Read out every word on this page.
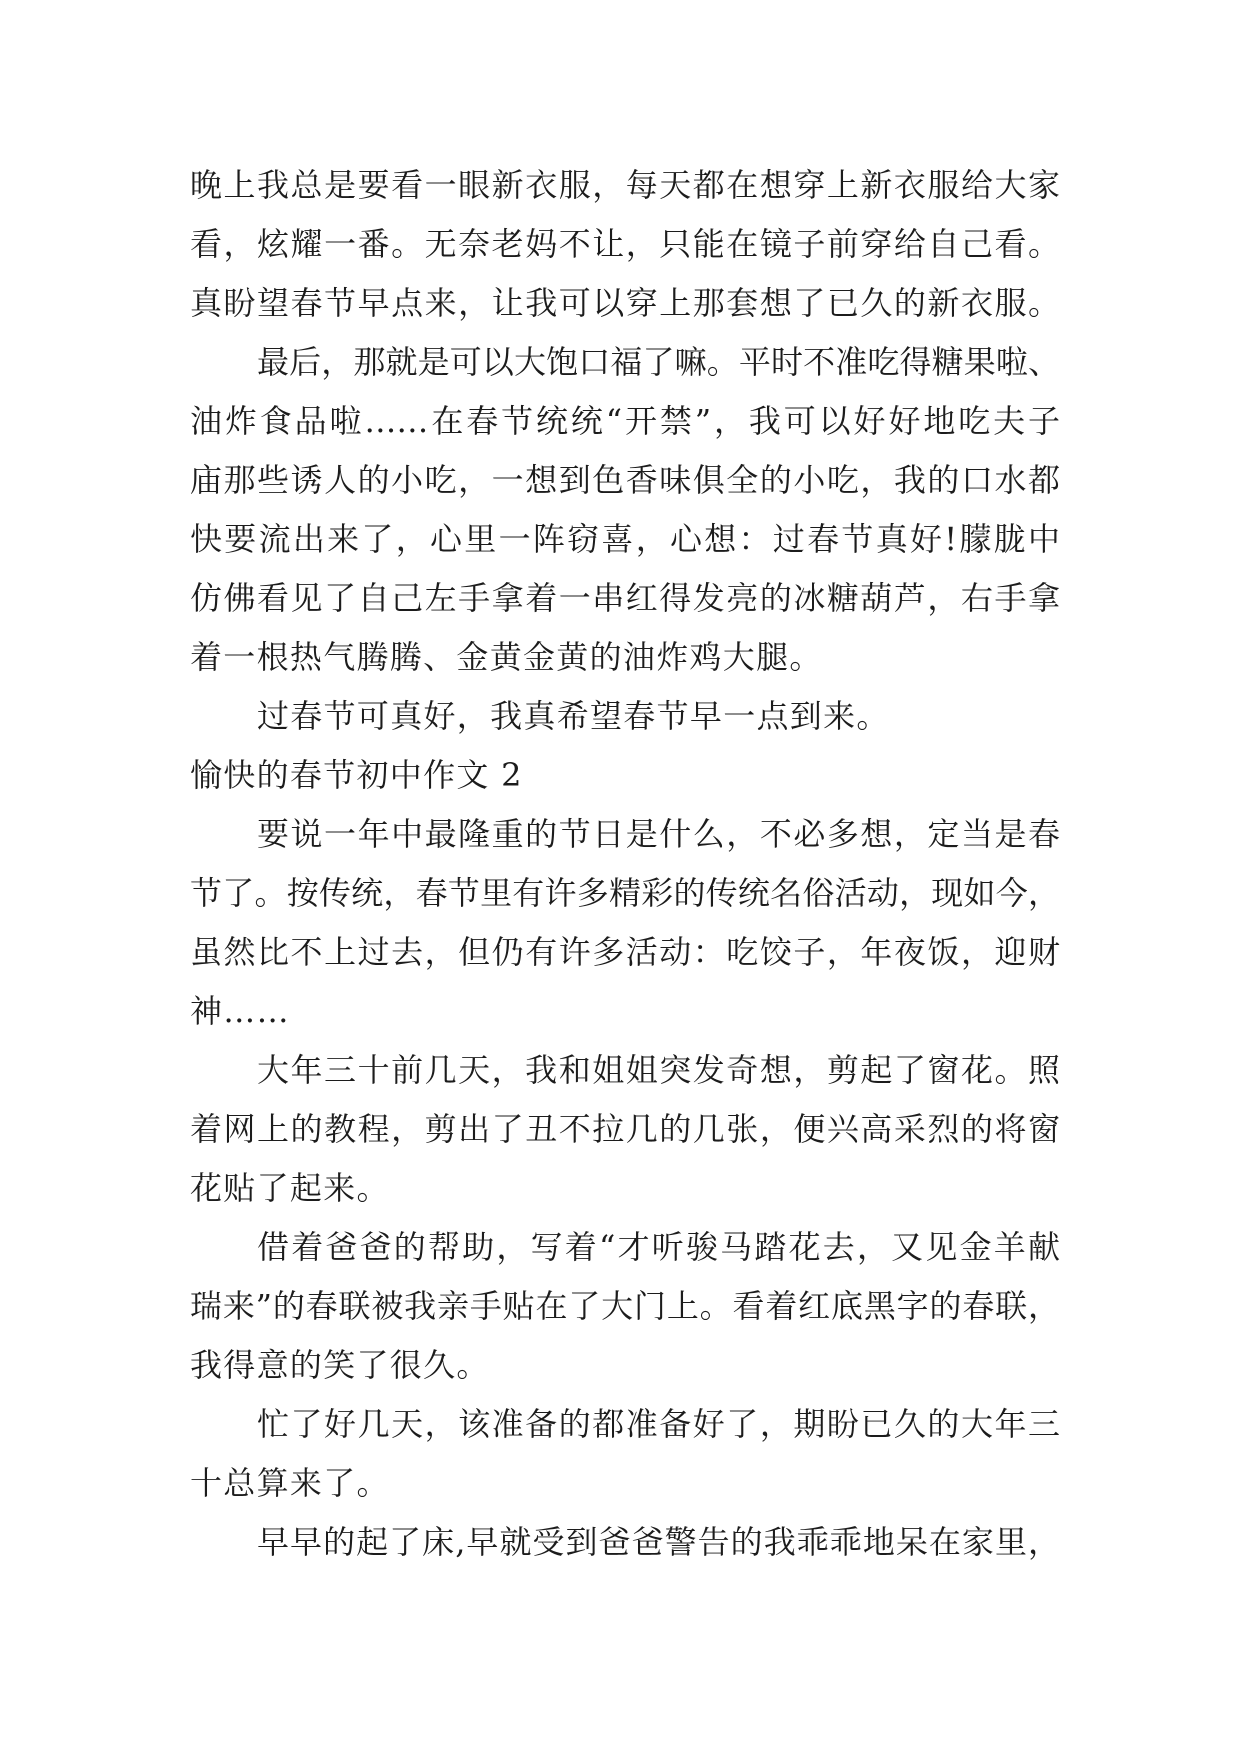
晚上我总是要看一眼新衣服，每天都在想穿上新衣服给大家
看，炫耀一番。无奈老妈不让，只能在镜子前穿给自己看。
真盼望春节早点来，让我可以穿上那套想了已久的新衣服。
最后，那就是可以大饱口福了嘛。平时不准吃得糖果啦、
油炸食品啦……在春节统统“开禁”，我可以好好地吃夫子
庙那些诱人的小吃，一想到色香味俱全的小吃，我的口水都
快要流出来了，心里一阵窃喜，心想：过春节真好!朦胧中
仿佛看见了自己左手拿着一串红得发亮的冰糖葫芦，右手拿
着一根热气腾腾、金黄金黄的油炸鸡大腿。
过春节可真好，我真希望春节早一点到来。
愉快的春节初中作文 2
要说一年中最隆重的节日是什么，不必多想，定当是春
节了。按传统，春节里有许多精彩的传统名俗活动，现如今，
虽然比不上过去，但仍有许多活动：吃饺子，年夜饭，迎财
神……
大年三十前几天，我和姐姐突发奇想，剪起了窗花。照
着网上的教程，剪出了丑不拉几的几张，便兴高采烈的将窗
花贴了起来。
借着爸爸的帮助，写着“才听骏马踏花去，又见金羊献
瑞来”的春联被我亲手贴在了大门上。看着红底黑字的春联，
我得意的笑了很久。
忙了好几天，该准备的都准备好了，期盼已久的大年三
十总算来了。
早早的起了床,早就受到爸爸警告的我乖乖地呆在家里，
